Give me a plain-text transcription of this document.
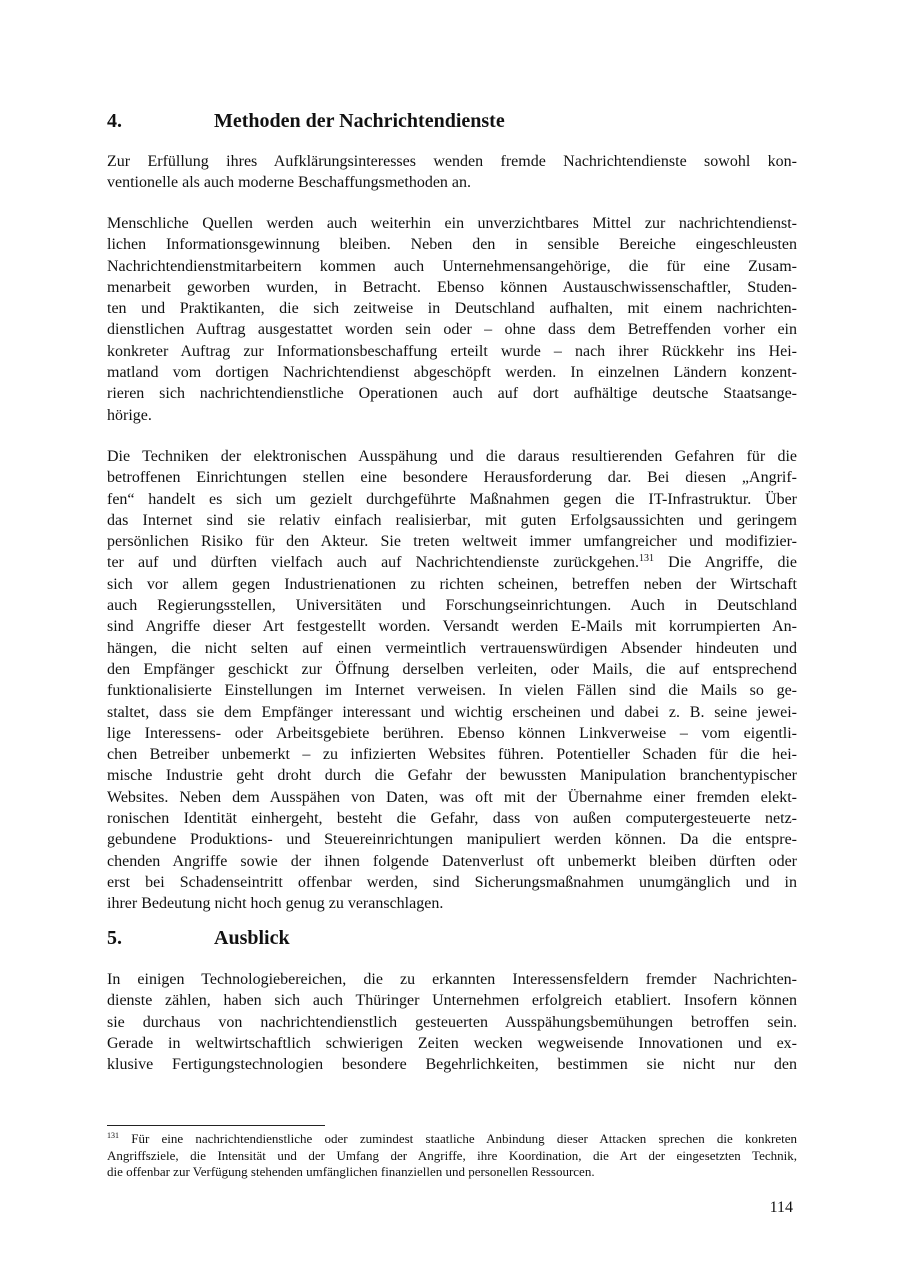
4.	Methoden der Nachrichtendienste
Zur Erfüllung ihres Aufklärungsinteresses wenden fremde Nachrichtendienste sowohl kon-
ventionelle als auch moderne Beschaffungsmethoden an.
Menschliche Quellen werden auch weiterhin ein unverzichtbares Mittel zur nachrichtendienst-
lichen Informationsgewinnung bleiben. Neben den in sensible Bereiche eingeschleusten
Nachrichtendienstmitarbeitern kommen auch Unternehmensangehörige, die für eine Zusam-
menarbeit geworben wurden, in Betracht. Ebenso können Austauschwissenschaftler, Studen-
ten und Praktikanten, die sich zeitweise in Deutschland aufhalten, mit einem nachrichten-
dienstlichen Auftrag ausgestattet worden sein oder – ohne dass dem Betreffenden vorher ein
konkreter Auftrag zur Informationsbeschaffung erteilt wurde – nach ihrer Rückkehr ins Hei-
matland vom dortigen Nachrichtendienst abgeschöpft werden. In einzelnen Ländern konzent-
rieren sich nachrichtendienstliche Operationen auch auf dort aufhältige deutsche Staatsange-
hörige.
Die Techniken der elektronischen Ausspähung und die daraus resultierenden Gefahren für die
betroffenen Einrichtungen stellen eine besondere Herausforderung dar. Bei diesen „Angrif-
fen“ handelt es sich um gezielt durchgeführte Maßnahmen gegen die IT-Infrastruktur. Über
das Internet sind sie relativ einfach realisierbar, mit guten Erfolgsaussichten und geringem
persönlichen Risiko für den Akteur. Sie treten weltweit immer umfangreicher und modifizier-
ter auf und dürften vielfach auch auf Nachrichtendienste zurückgehen.$^{131}$ Die Angriffe, die
sich vor allem gegen Industrienationen zu richten scheinen, betreffen neben der Wirtschaft
auch Regierungsstellen, Universitäten und Forschungseinrichtungen. Auch in Deutschland
sind Angriffe dieser Art festgestellt worden. Versandt werden E-Mails mit korrumpierten An-
hängen, die nicht selten auf einen vermeintlich vertrauenswürdigen Absender hindeuten und
den Empfänger geschickt zur Öffnung derselben verleiten, oder Mails, die auf entsprechend
funktionalisierte Einstellungen im Internet verweisen. In vielen Fällen sind die Mails so ge-
staltet, dass sie dem Empfänger interessant und wichtig erscheinen und dabei z. B. seine jewei-
lige Interessens- oder Arbeitsgebiete berühren. Ebenso können Linkverweise – vom eigentli-
chen Betreiber unbemerkt – zu infizierten Websites führen. Potentieller Schaden für die hei-
mische Industrie geht droht durch die Gefahr der bewussten Manipulation branchentypischer
Websites. Neben dem Ausspähen von Daten, was oft mit der Übernahme einer fremden elekt-
ronischen Identität einhergeht, besteht die Gefahr, dass von außen computergesteuerte netz-
gebundene Produktions- und Steuereinrichtungen manipuliert werden können. Da die entspre-
chenden Angriffe sowie der ihnen folgende Datenverlust oft unbemerkt bleiben dürften oder
erst bei Schadenseintritt offenbar werden, sind Sicherungsmaßnahmen unumgänglich und in
ihrer Bedeutung nicht hoch genug zu veranschlagen.
5.	Ausblick
In einigen Technologiebereichen, die zu erkannten Interessensfeldern fremder Nachrichten-
dienste zählen, haben sich auch Thüringer Unternehmen erfolgreich etabliert. Insofern können
sie durchaus von nachrichtendienstlich gesteuerten Ausspähungsbemühungen betroffen sein.
Gerade in weltwirtschaftlich schwierigen Zeiten wecken wegweisende Innovationen und ex-
klusive Fertigungstechnologien besondere Begehrlichkeiten, bestimmen sie nicht nur den
$^{131}$ Für eine nachrichtendienstliche oder zumindest staatliche Anbindung dieser Attacken sprechen die konkreten
Angriffsziele, die Intensität und der Umfang der Angriffe, ihre Koordination, die Art der eingesetzten Technik,
die offenbar zur Verfügung stehenden umfänglichen finanziellen und personellen Ressourcen.
114
